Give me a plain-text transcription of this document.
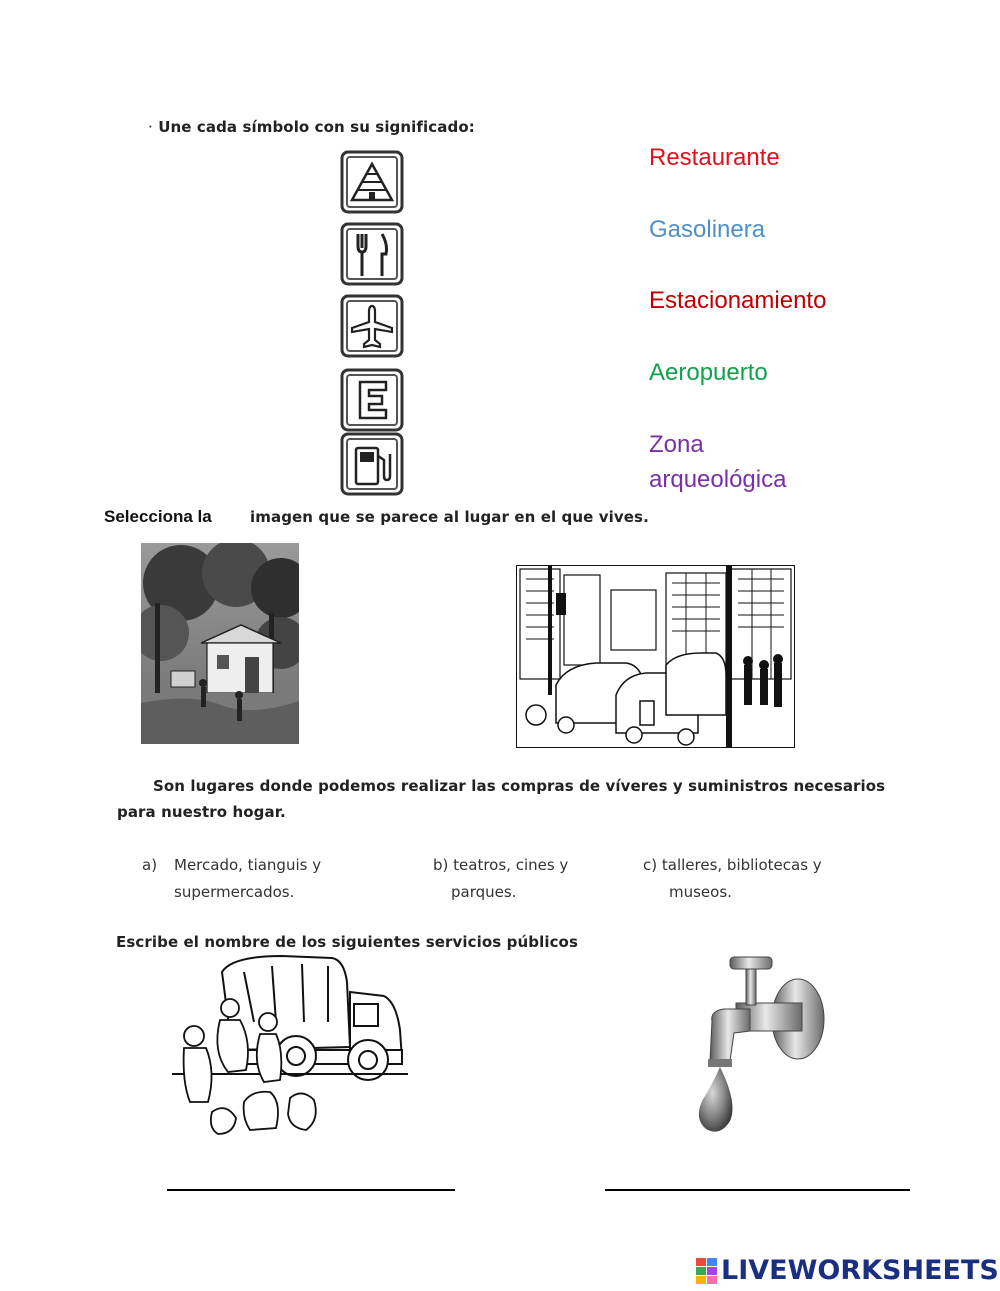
· Une cada símbolo con su significado:
Restaurante
Gasolinera
Estacionamiento
Aeropuerto
Zona arqueológica
Selecciona la	imagen que se parece al lugar en el que vives.
Son lugares donde podemos realizar las compras de víveres y suministros necesarios
para nuestro hogar.
a) Mercado, tianguis y
supermercados.
b) teatros, cines y
parques.
c) talleres, bibliotecas y
museos.
Escribe el nombre de los siguientes servicios públicos
LIVEWORKSHEETS
